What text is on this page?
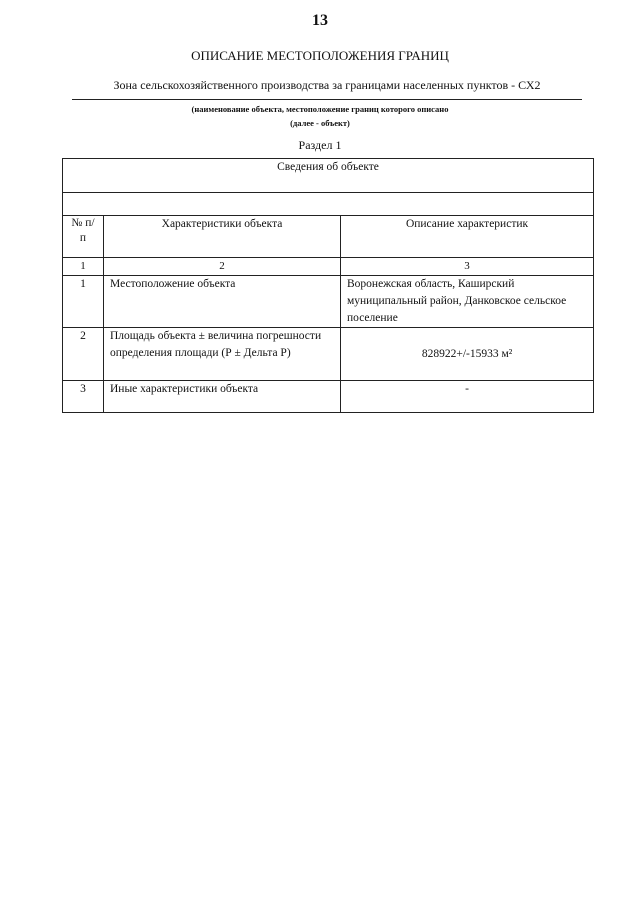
13
ОПИСАНИЕ МЕСТОПОЛОЖЕНИЯ ГРАНИЦ
Зона сельскохозяйственного производства за границами населенных пунктов - СХ2
(наименование объекта, местоположение границ которого описано
(далее - объект)
Раздел 1
Сведения об объекте		

№ п/п	Характеристики объекта	Описание характеристик
1	2	3
1	Местоположение объекта	Воронежская область, Каширский муниципальный район, Данковское сельское поселение
2	Площадь объекта ± величина погрешности определения площади (Р ± Дельта Р)	828922+/-15933 м²
3	Иные характеристики объекта	-
